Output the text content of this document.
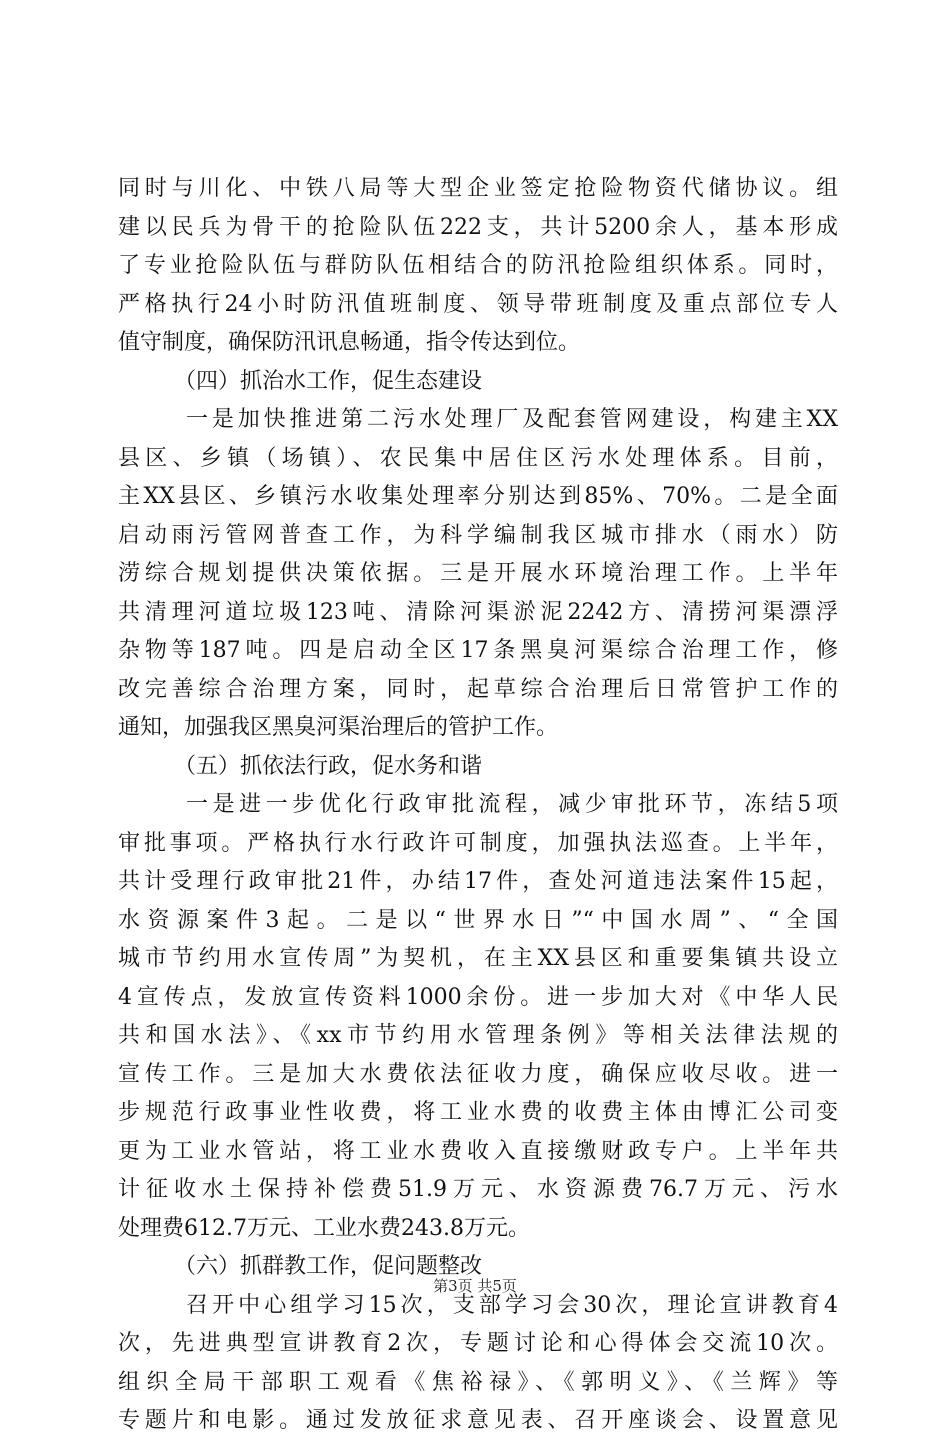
同时与川化、中铁八局等大型企业签定抢险物资代储协议。组
建以民兵为骨干的抢险队伍222支，共计5200余人，基本形成
了专业抢险队伍与群防队伍相结合的防汛抢险组织体系。同时，
严格执行24小时防汛值班制度、领导带班制度及重点部位专人
值守制度，确保防汛讯息畅通，指令传达到位。
（四）抓治水工作，促生态建设
一是加快推进第二污水处理厂及配套管网建设，构建主XX
县区、乡镇（场镇）、农民集中居住区污水处理体系。目前，
主XX县区、乡镇污水收集处理率分别达到85%、70%。二是全面
启动雨污管网普查工作，为科学编制我区城市排水（雨水）防
涝综合规划提供决策依据。三是开展水环境治理工作。上半年
共清理河道垃圾123吨、清除河渠淤泥2242方、清捞河渠漂浮
杂物等187吨。四是启动全区17条黑臭河渠综合治理工作，修
改完善综合治理方案，同时，起草综合治理后日常管护工作的
通知，加强我区黑臭河渠治理后的管护工作。
（五）抓依法行政，促水务和谐
一是进一步优化行政审批流程，减少审批环节，冻结5项
审批事项。严格执行水行政许可制度，加强执法巡查。上半年，
共计受理行政审批21件，办结17件，查处河道违法案件15起，
水资源案件3起。二是以“世界水日”“中国水周”、“全国
城市节约用水宣传周”为契机，在主XX县区和重要集镇共设立
4宣传点，发放宣传资料1000余份。进一步加大对《中华人民
共和国水法》、《xx市节约用水管理条例》等相关法律法规的
宣传工作。三是加大水费依法征收力度，确保应收尽收。进一
步规范行政事业性收费，将工业水费的收费主体由博汇公司变
更为工业水管站，将工业水费收入直接缴财政专户。上半年共
计征收水土保持补偿费51.9万元、水资源费76.7万元、污水
处理费612.7万元、工业水费243.8万元。
（六）抓群教工作，促问题整改
召开中心组学习15次，支部学习会30次，理论宣讲教育4
次，先进典型宣讲教育2次，专题讨论和心得体会交流10次。
组织全局干部职工观看《焦裕禄》、《郭明义》、《兰辉》等
专题片和电影。通过发放征求意见表、召开座谈会、设置意见
第3页 共5页
